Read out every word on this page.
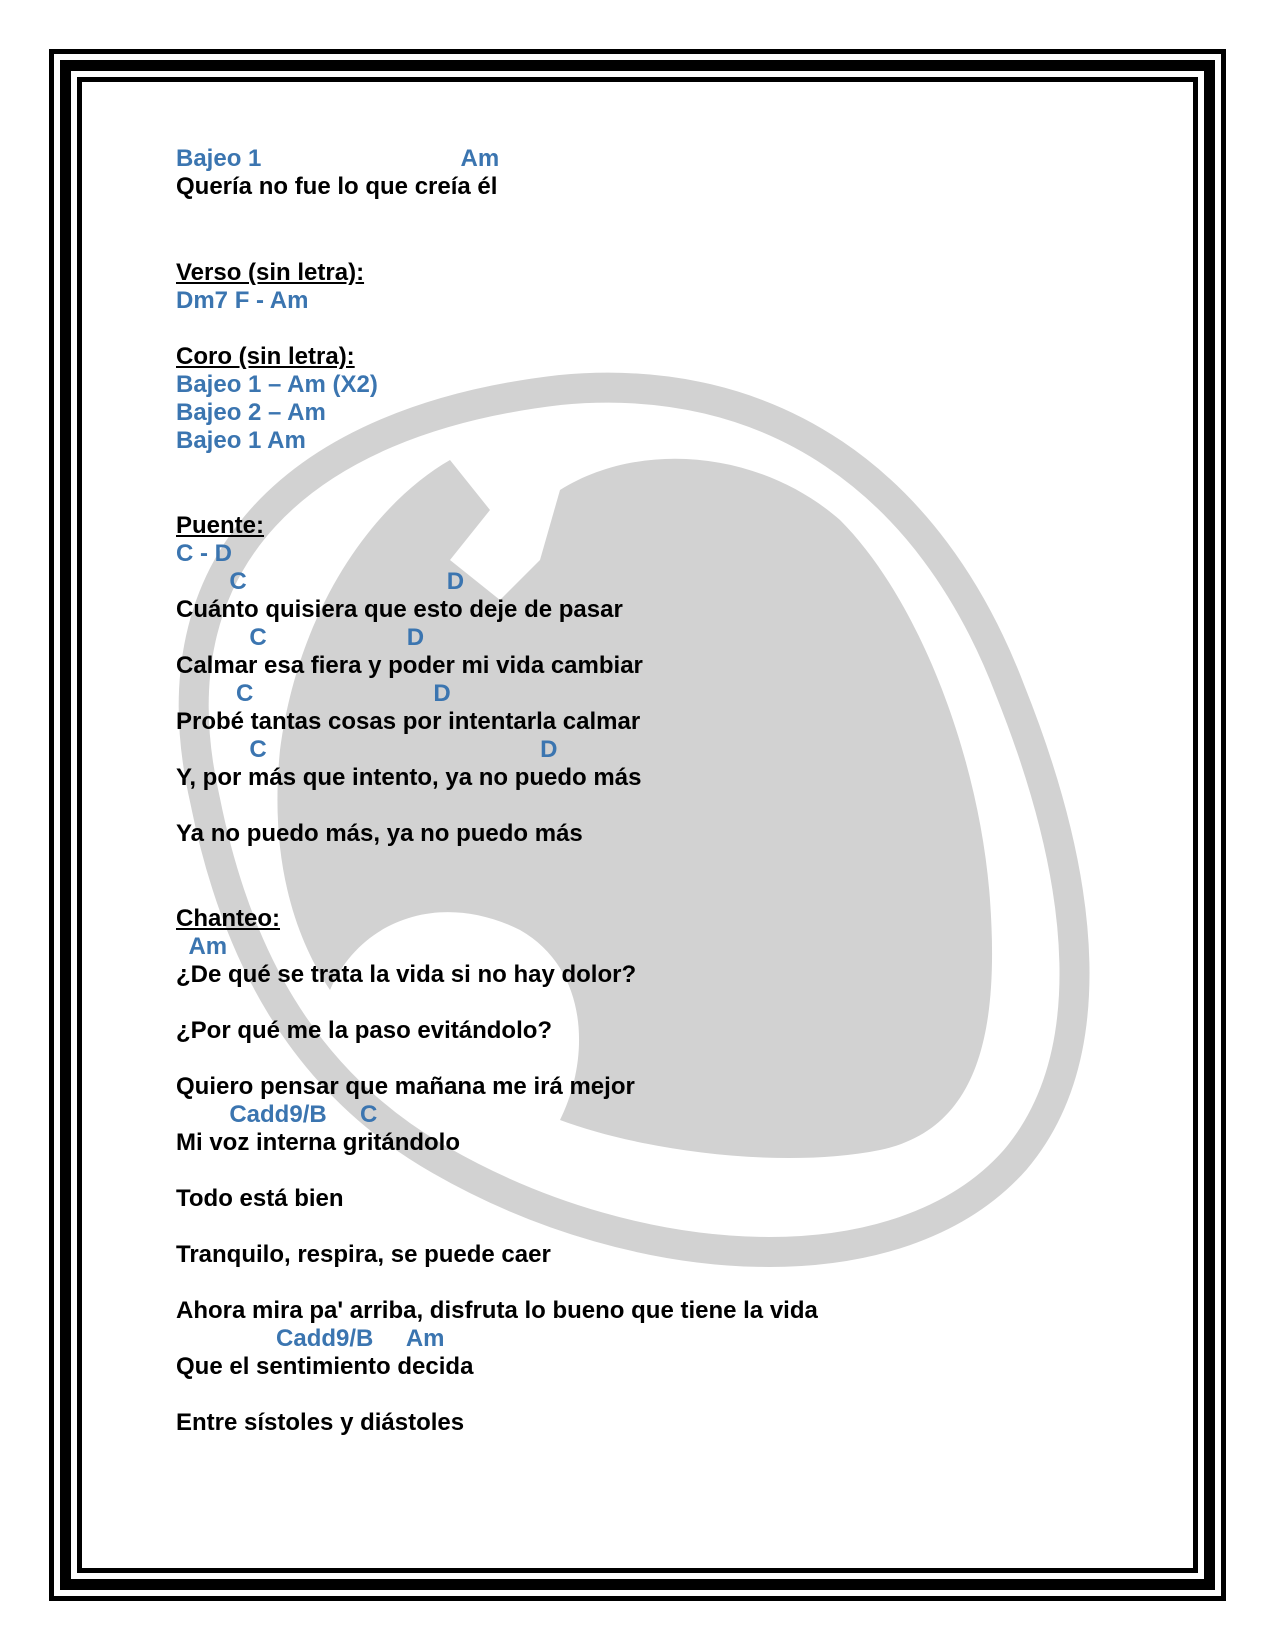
Bajeo 1                              Am
Quería no fue lo que creía él
Verso (sin letra):
Dm7 F - Am
Coro (sin letra):
Bajeo 1 – Am (X2)
Bajeo 2 – Am
Bajeo 1 Am
Puente:
C - D
C                              D
Cuánto quisiera que esto deje de pasar
C                     D
Calmar esa fiera y poder mi vida cambiar
C                           D
Probé tantas cosas por intentarla calmar
C                                         D
Y, por más que intento, ya no puedo más
Ya no puedo más, ya no puedo más
Chanteo:
Am
¿De qué se trata la vida si no hay dolor?
¿Por qué me la paso evitándolo?
Quiero pensar que mañana me irá mejor
Cadd9/B     C
Mi voz interna gritándolo
Todo está bien
Tranquilo, respira, se puede caer
Ahora mira pa' arriba, disfruta lo bueno que tiene la vida
Cadd9/B     Am
Que el sentimiento decida
Entre sístoles y diástoles
